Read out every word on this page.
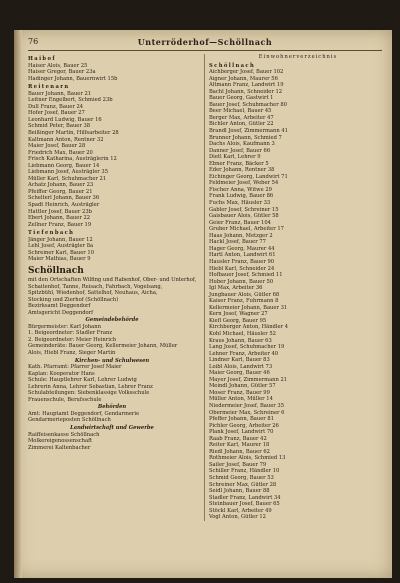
76	Unterröderhof—Schöllnach
Haibof
Haiser Alois, Bauer 25
Haiser Gregor, Bauer 23a
Hadinger Johann, Bauernwirt 15b
Reitenarn
Bauer Johann, Bauer 21
Leitner Engelbert, Schmied 23b
Dull Franz, Bauer 24
Hofer Josef, Bauer 27
Leonhard Ludwig, Bauer 16
Schmid Peter, Bauer 38
Beißinger Martin, Hilfsarbeiter 28
Kaltmann Anton, Rentner 32
Maier Josef, Bauer 28
Friedrich Max, Bauer 20
Frisch Katharina, Austräglerin 12
Liebmann Georg, Bauer 14
Liebmann Josef, Austrägler 35
Müller Karl, Schuhmacher 21
Achatz Johann, Bauer 23
Pfeiffer Georg, Bauer 21
Schelterl Johann, Bauer 36
Spadt Heinrich, Austrägler
Hattler Josef, Bauer 23b
Ebert Johann, Bauer 22
Zellner Franz, Bauer 19
Tiefenbach
Jänger Johann, Bauer 12
Lehl Josef, Austrägler 8a
Schreiner Karl, Bauer 10
Maier Mathias, Bauer 9
Schöllnach
mit den Ortschaften Wilfing und Rabenhof, Ober- und Unterhof,
Schaitenhof, Tanne, Reisach, Fahrbach, Vogelsang,
Spitzbühl, Wiedenhof, Sattelhof, Neuhaus, Aicha,
Stocking und Zierhof (Schöllnach)
Bezirksamt Deggendorf
Amtsgericht Deggendorf
Gemeindebehörde
Bürgermeister: Karl Johann
1. Beigeordneter: Stadler Franz
2. Beigeordneter: Meier Heinrich
Gemeinderäte: Bauer Georg, Kellermeier Johann, Müller
Alois, Hiebl Franz, Sieger Martin
Kirchen- und Schulwesen
Kath. Pfarramt: Pfarrer Josef Maier
Kaplan: Kooperator Hans
Schule: Hauptlehrer Karl, Lehrer Ludwig
Lehrerin Anna, Lehrer Sebastian, Lehrer Franz
Schulabteilungen: Siebenklassige Volksschule
Frauenschule, Berufsschule
Behörden
Amt: Hauptamt Deggendorf, Gendarmerie
Gendarmerieposten Schöllnach
Landwirtschaft und Gewerbe
Raiffeisenkasse Schöllnach
Molkereigenossenschaft
Zimmerei Kaltenbacher
Einwohnerverzeichnis
Schöllnach
Aichberger Josef, Bauer 102
Aigner Johann, Maurer 56
Altmann Franz, Landwirt 19
Bachl Johann, Schneider 12
Bauer Georg, Gastwirt 1
Bauer Josef, Schuhmacher 80
Beer Michael, Bauer 45
Berger Max, Arbeiter 47
Bichler Anton, Gütler 22
Brandl Josef, Zimmermann 41
Brunner Johann, Schmied 7
Dachs Alois, Kaufmann 3
Danner Josef, Bauer 66
Dietl Karl, Lehrer 9
Ebner Franz, Bäcker 5
Eder Johann, Rentner 38
Eichinger Georg, Landwirt 71
Feldmeier Josef, Weber 54
Fischer Anna, Witwe 29
Frank Ludwig, Bauer 86
Fuchs Max, Häusler 33
Gabler Josef, Schreiner 15
Gaisbauer Alois, Gütler 58
Geier Franz, Bauer 104
Gruber Michael, Arbeiter 17
Haas Johann, Metzger 2
Hackl Josef, Bauer 77
Hager Georg, Maurer 44
Hartl Anton, Landwirt 61
Hausler Franz, Bauer 90
Hiebl Karl, Schneider 24
Hofbauer Josef, Schmied 11
Huber Johann, Bauer 50
Igl Max, Arbeiter 36
Jungbauer Alois, Gütler 68
Kaiser Franz, Fuhrmann 8
Kellermeier Johann, Bauer 31
Kern Josef, Wagner 27
Kiefl Georg, Bauer 95
Kirchberger Anton, Händler 4
Kohl Michael, Häusler 52
Kraus Johann, Bauer 63
Lang Josef, Schuhmacher 19
Lehner Franz, Arbeiter 40
Lindner Karl, Bauer 83
Loibl Alois, Landwirt 73
Maier Georg, Bauer 46
Mayer Josef, Zimmermann 21
Meindl Johann, Gütler 57
Moser Franz, Bauer 99
Müller Anton, Müller 14
Niedermeier Josef, Bauer 35
Obermeier Max, Schreiner 6
Pfeffer Johann, Bauer 81
Pichler Georg, Arbeiter 26
Plank Josef, Landwirt 70
Raab Franz, Bauer 42
Reiter Karl, Maurer 18
Riedl Johann, Bauer 62
Rothmeier Alois, Schmied 13
Sailer Josef, Bauer 79
Schiller Franz, Händler 10
Schmid Georg, Bauer 53
Schreiner Max, Gütler 28
Seidl Johann, Bauer 88
Stadler Franz, Landwirt 34
Steinbauer Josef, Bauer 65
Stöckl Karl, Arbeiter 49
Vogl Anton, Gütler 12
